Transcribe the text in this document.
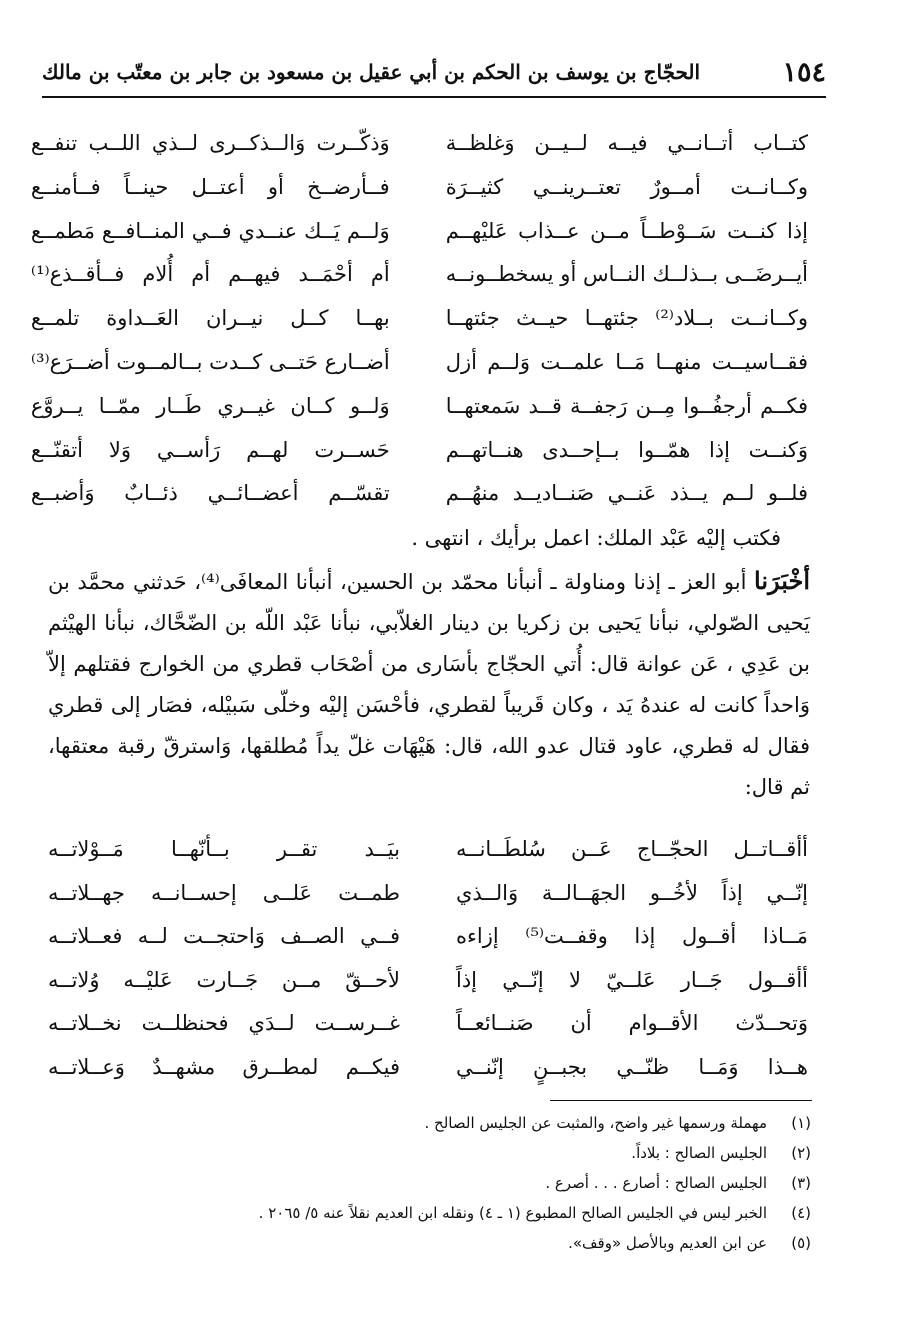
١٥٤
الحجّاج بن يوسف بن الحكم بن أبي عقيل بن مسعود بن جابر بن معتّب بن مالك
كتــاب أتــانــي فيــه لــيــن وَغلظــة
وَذكّــرت وَالــذكــرى لــذي اللــب تنفــع
وكــانــت أمــورٌ تعتــرينــي كثيــرَة
فــأرضــخ أو أعتــل حينــاً فــأمنــع
إذا كنــت سَــوْطــاً مــن عــذاب عَليْهــم
وَلــم يَــك عنــدي فــي المنــافــع مَطمــع
أيــرضَــى بــذلــك النــاس أو يسخطــونــه
أم أحْمَــد فيهــم أم أُلام فــأقــذع⁽¹⁾
وكــانــت بــلاد⁽²⁾ جئتهــا حيــث جئتهــا
بهــا كــل نيــران العَــداوة تلمــع
فقــاسيــت منهــا مَــا علمــت وَلــم أزل
أضــارع حَتــى كــدت بــالمــوت أضــرَع⁽³⁾
فكــم أرجفُــوا مِــن رَجفــة قــد سَمعتهــا
وَلــو كــان غيــري طَــار ممّــا يــروَّع
وَكنــت إذا همّــوا بــإحــدى هنــاتهــم
حَســرت لهــم رَأســي وَلا أتقنّــع
فلــو لــم يــذد عَنــي صَنــاديــد منهُــم
تقسّــم أعضــائــي ذئــابٌ وَأضبــع
فكتب إليْه عَبْد الملك: اعمل برأيك ، انتهى .

أخْبَرَنا أبو العز ـ إذنا ومناولة ـ أنبأنا محمّد بن الحسين، أنبأنا المعافَى⁽⁴⁾، حَدثني محمَّد بن يَحيى الصّولي، نبأنا يَحيى بن زكريا بن دينار الغلاّبي، نبأنا عَبْد اللّه بن الضّحَّاك، نبأنا الهيْثم بن عَدِي ، عَن عوانة قال: أُتي الحجّاج بأسَارى من أصْحَاب قطري من الخوارج فقتلهم إلاّ وَاحداً كانت له عندهُ يَد ، وكان قَريباً لقطري، فأحْسَن إليْه وخلّى سَبيْله، فصَار إلى قطري فقال له قطري، عاود قتال عدو الله، قال: هَيْهَات غلّ يداً مُطلقها، وَاسترقّ رقبة معتقها، ثم قال:

أأقــاتــل الحجّــاج عَــن سُلطَــانــه
بيَــد تقــر بــأنّهــا مَــوْلاتــه
إنّــي إذاً لأخُــو الجهَــالــة وَالــذي
طمــت عَلــى إحســانــه جهــلاتــه
مَــاذا أقــول إذا وقفــت⁽⁵⁾ إزاءه
فــي الصــف وَاحتجــت لــه فعــلاتــه
أأقــول جَــار عَلــيّ لا إنّــي إذاً
لأحــقّ مــن جَــارت عَليْــه وُلاتــه
وَتحــدّث الأقــوام أن صَنــائعــاً
غــرســت لــدَي فحنظلــت نخــلاتــه
هــذا وَمَــا ظنّــي بجبــنٍ إنّنــي
فيكــم لمطــرق مشهــدٌ وَعــلاتــه
(١)
مهملة ورسمها غير واضح، والمثبت عن الجليس الصالح .
(٢)
الجليس الصالح : بلاداً.
(٣)
الجليس الصالح : أصارع . . . أصرع .
(٤)
الخبر ليس في الجليس الصالح المطبوع (١ ـ ٤) ونقله ابن العديم نقلاً عنه ٥/ ٢٠٦٥ .
(٥)
عن ابن العديم وبالأصل «وقف».
